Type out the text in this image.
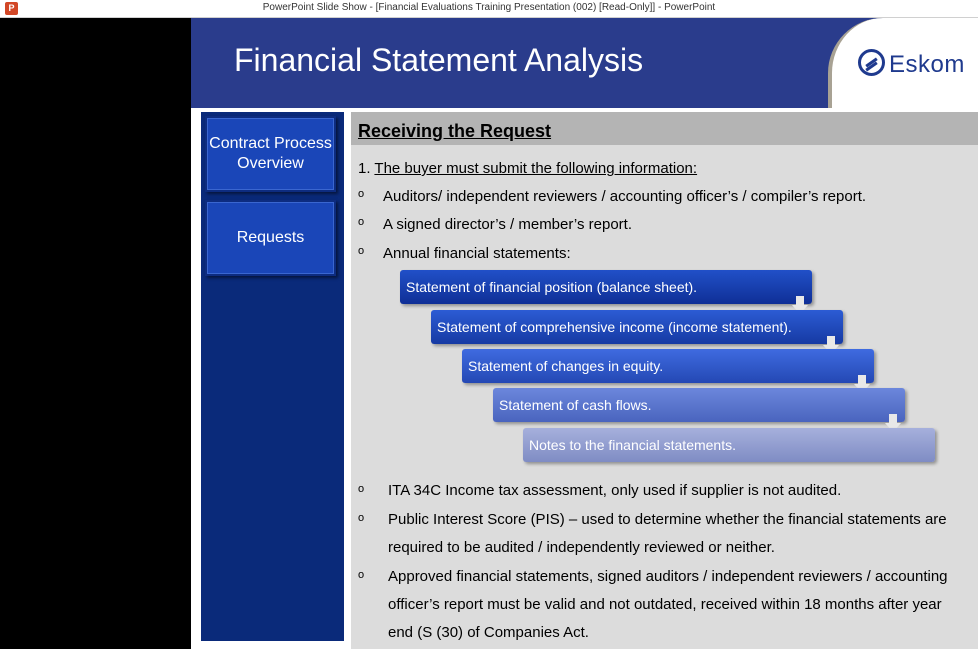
P	PowerPoint Slide Show - [Financial Evaluations Training Presentation (002) [Read-Only]] - PowerPoint
Financial Statement Analysis	Eskom
Contract Process Overview
Requests
Receiving the Request
1. The buyer must submit the following information:
o Auditors/ independent reviewers / accounting officer’s / compiler’s report.
o A signed director’s / member’s report.
o Annual financial statements:
Statement of financial position (balance sheet).
Statement of comprehensive income (income statement).
Statement of changes in equity.
Statement of cash flows.
Notes to the financial statements.
o ITA 34C Income tax assessment, only used if supplier is not audited.
o Public Interest Score (PIS) – used to determine whether the financial statements are required to be audited / independently reviewed or neither.
o Approved financial statements, signed auditors / independent reviewers / accounting officer’s report must be valid and not outdated, received within 18 months after year end (S (30) of Companies Act.
